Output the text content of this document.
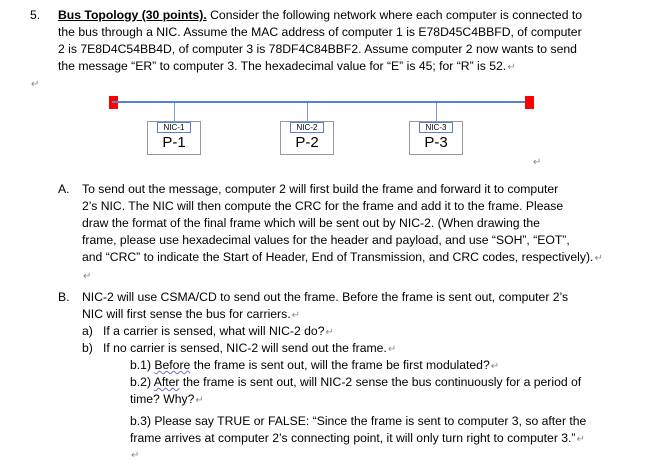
5. Bus Topology (30 points). Consider the following network where each computer is connected to
the bus through a NIC. Assume the MAC address of computer 1 is E78D45C4BBFD, of computer
2 is 7E8D4C54BB4D, of computer 3 is 78DF4C84BBF2. Assume computer 2 now wants to send
the message “ER” to computer 3. The hexadecimal value for “E” is 45; for “R” is 52.↵
↵
NIC-1
P-1
NIC-2
P-2
NIC-3
P-3
↵
A. To send out the message, computer 2 will first build the frame and forward it to computer
2’s NIC. The NIC will then compute the CRC for the frame and add it to the frame. Please
draw the format of the final frame which will be sent out by NIC-2. (When drawing the
frame, please use hexadecimal values for the header and payload, and use “SOH”, “EOT”,
and “CRC” to indicate the Start of Header, End of Transmission, and CRC codes, respectively).↵
↵
B. NIC-2 will use CSMA/CD to send out the frame. Before the frame is sent out, computer 2’s
NIC will first sense the bus for carriers.↵
a) If a carrier is sensed, what will NIC-2 do?↵
b) If no carrier is sensed, NIC-2 will send out the frame.↵
b.1) Before the frame is sent out, will the frame be first modulated?↵
b.2) After the frame is sent out, will NIC-2 sense the bus continuously for a period of
time? Why?↵
b.3) Please say TRUE or FALSE: “Since the frame is sent to computer 3, so after the
frame arrives at computer 2’s connecting point, it will only turn right to computer 3.”↵
↵
